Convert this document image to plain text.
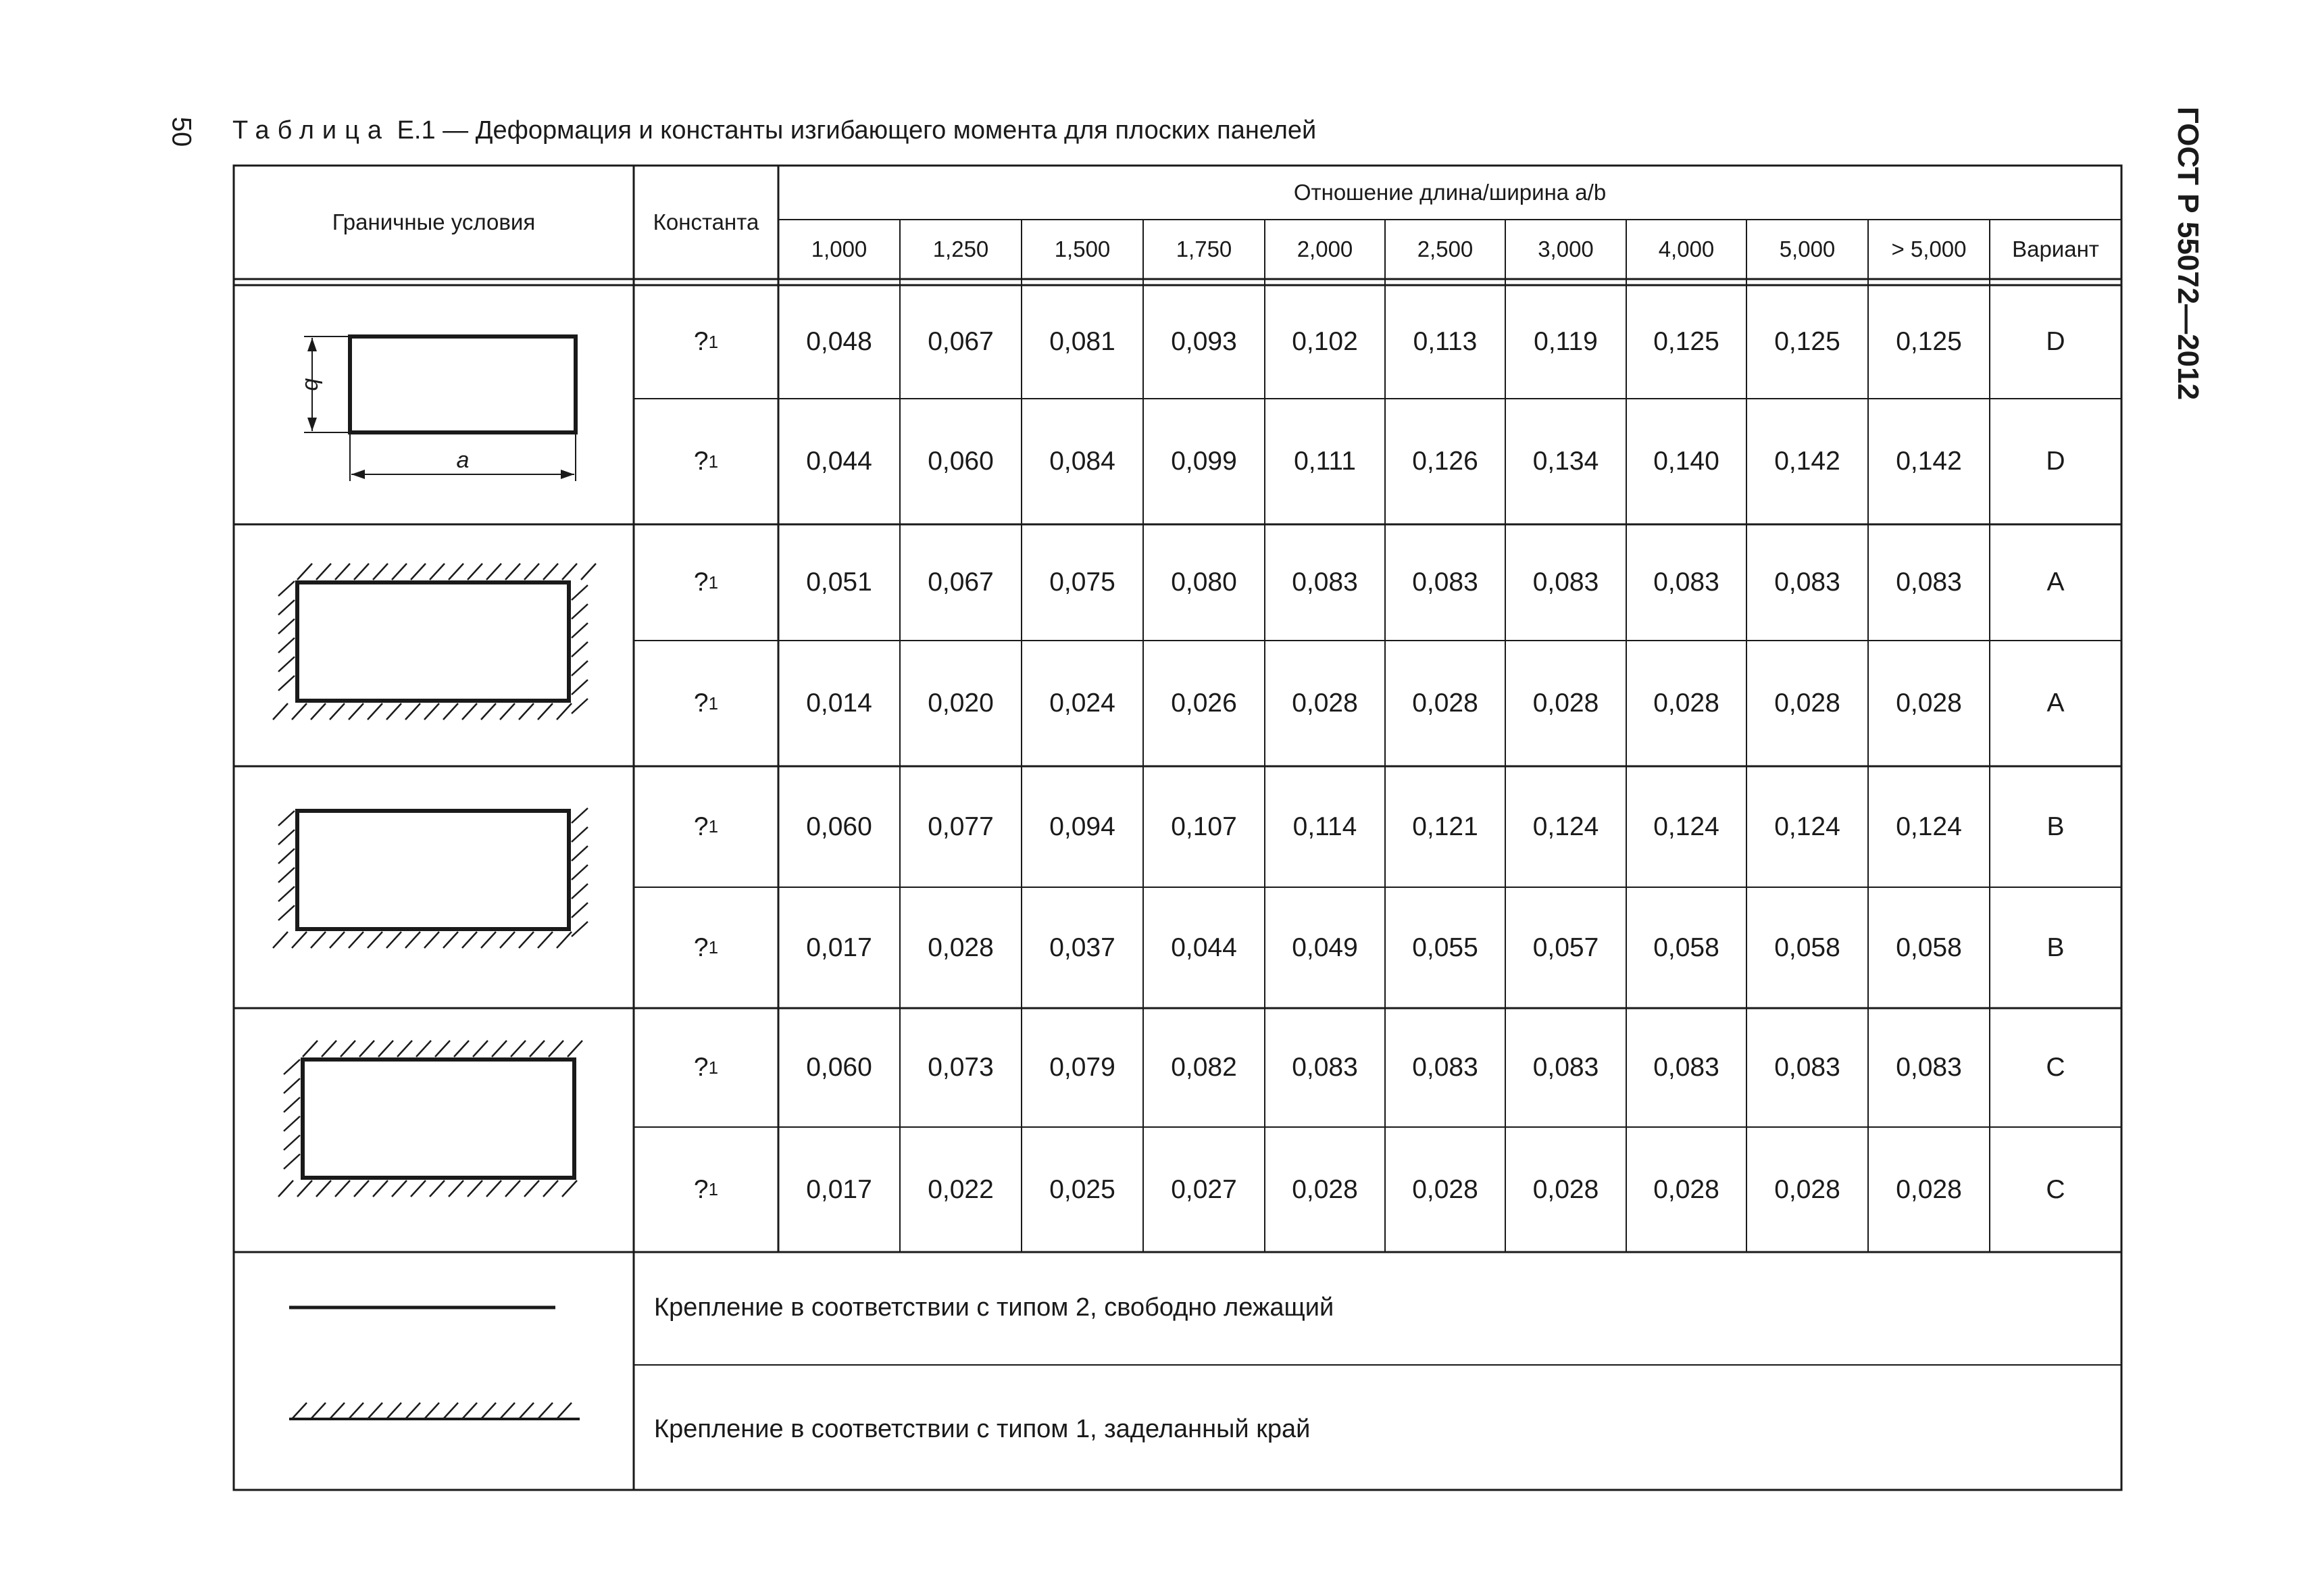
50	ГОСТ Р 55072—2012
Таблица Е.1 — Деформация и константы изгибающего момента для плоских панелей
a
b
Граничные условия	Константа
Отношение длина/ширина a/b
1,000	1,250	1,500	1,750	2,000	2,500	3,000	4,000	5,000	> 5,000	Вариант
? 1	0,048	0,067	0,081	0,093	0,102	0,113	0,119	0,125	0,125	0,125	D
? 1	0,044	0,060	0,084	0,099	0,111	0,126	0,134	0,140	0,142	0,142	D
? 1	0,051	0,067	0,075	0,080	0,083	0,083	0,083	0,083	0,083	0,083	A
? 1	0,014	0,020	0,024	0,026	0,028	0,028	0,028	0,028	0,028	0,028	A
? 1	0,060	0,077	0,094	0,107	0,114	0,121	0,124	0,124	0,124	0,124	B
? 1	0,017	0,028	0,037	0,044	0,049	0,055	0,057	0,058	0,058	0,058	B
? 1	0,060	0,073	0,079	0,082	0,083	0,083	0,083	0,083	0,083	0,083	C
? 1	0,017	0,022	0,025	0,027	0,028	0,028	0,028	0,028	0,028	0,028	C
Крепление в соответствии с типом 2, свободно лежащий
Крепление в соответствии с типом 1, заделанный край
